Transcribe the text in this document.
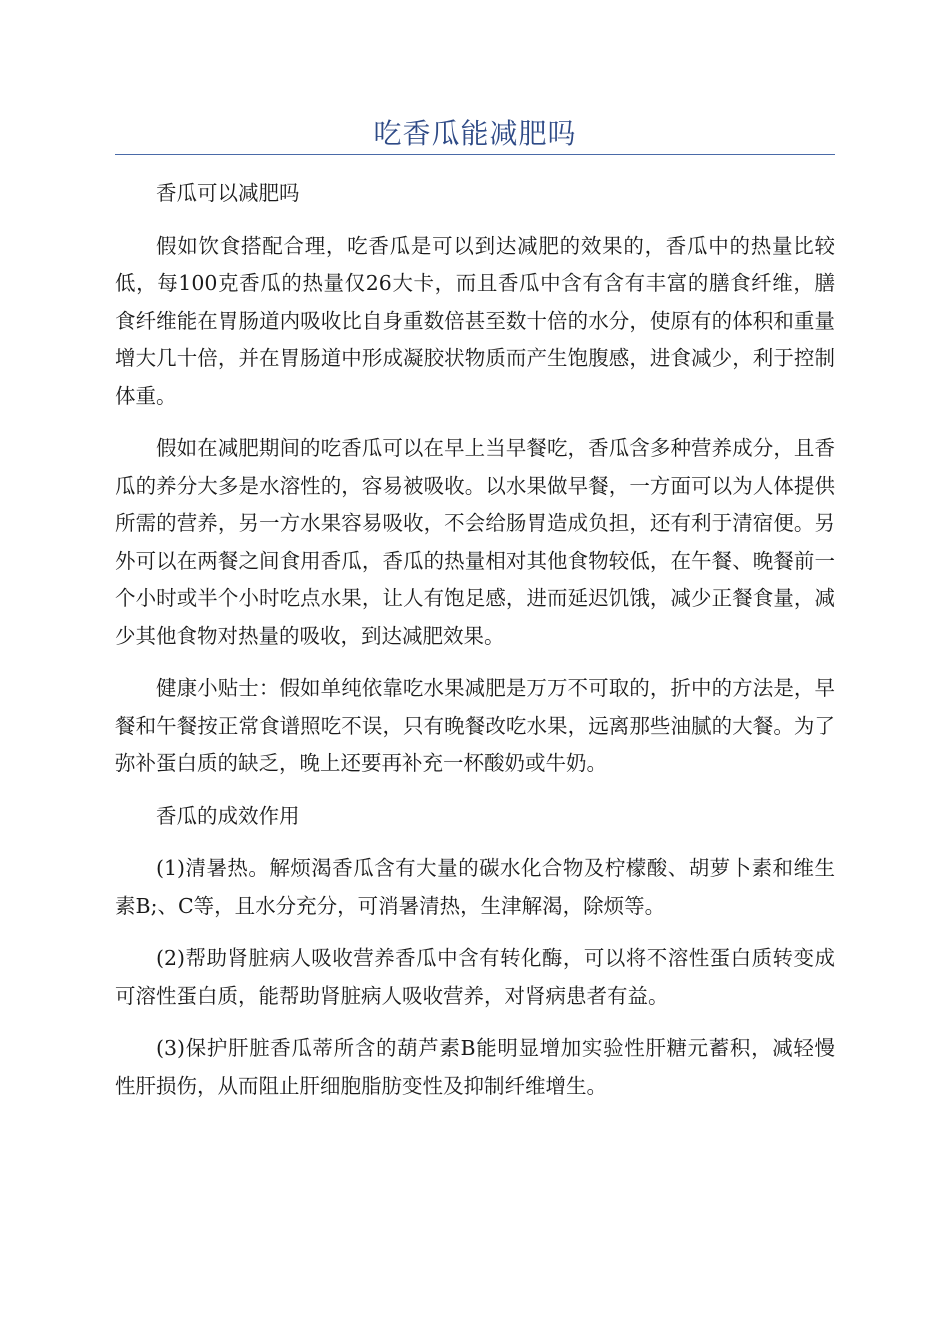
吃香瓜能减肥吗

香瓜可以减肥吗

假如饮食搭配合理，吃香瓜是可以到达减肥的效果的，香瓜中的热量比较低，每100克香瓜的热量仅26大卡，而且香瓜中含有含有丰富的膳食纤维，膳食纤维能在胃肠道内吸收比自身重数倍甚至数十倍的水分，使原有的体积和重量增大几十倍，并在胃肠道中形成凝胶状物质而产生饱腹感，进食减少，利于控制体重。

假如在减肥期间的吃香瓜可以在早上当早餐吃，香瓜含多种营养成分，且香瓜的养分大多是水溶性的，容易被吸收。以水果做早餐，一方面可以为人体提供所需的营养，另一方水果容易吸收，不会给肠胃造成负担，还有利于清宿便。另外可以在两餐之间食用香瓜，香瓜的热量相对其他食物较低，在午餐、晚餐前一个小时或半个小时吃点水果，让人有饱足感，进而延迟饥饿，减少正餐食量，减少其他食物对热量的吸收，到达减肥效果。

健康小贴士：假如单纯依靠吃水果减肥是万万不可取的，折中的方法是，早餐和午餐按正常食谱照吃不误，只有晚餐改吃水果，远离那些油腻的大餐。为了弥补蛋白质的缺乏，晚上还要再补充一杯酸奶或牛奶。

香瓜的成效作用

(1)清暑热。解烦渴香瓜含有大量的碳水化合物及柠檬酸、胡萝卜素和维生素B;、C等，且水分充分，可消暑清热，生津解渴，除烦等。

(2)帮助肾脏病人吸收营养香瓜中含有转化酶，可以将不溶性蛋白质转变成可溶性蛋白质，能帮助肾脏病人吸收营养，对肾病患者有益。

(3)保护肝脏香瓜蒂所含的葫芦素B能明显增加实验性肝糖元蓄积，减轻慢性肝损伤，从而阻止肝细胞脂肪变性及抑制纤维增生。
